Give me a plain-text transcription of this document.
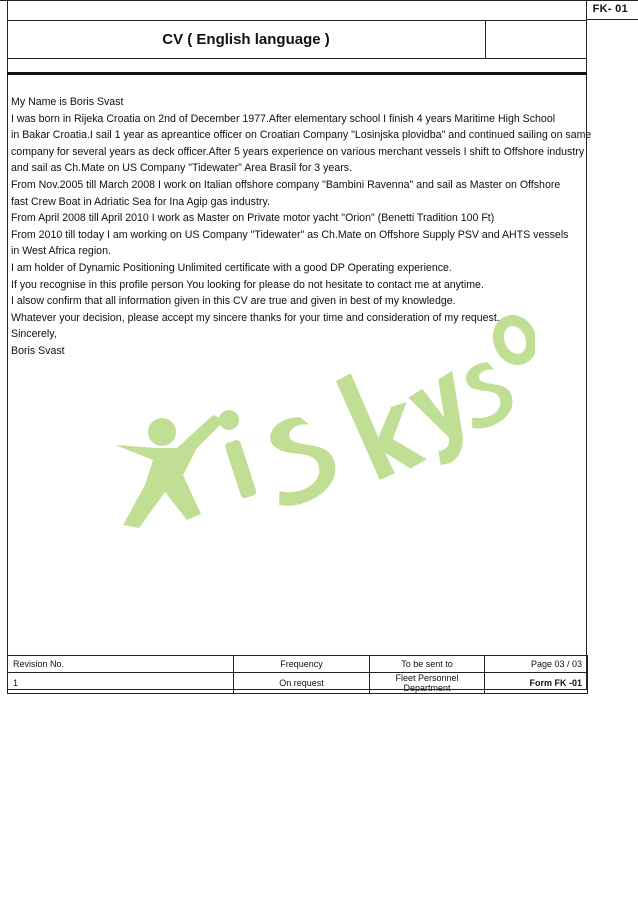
FK- 01
CV ( English language )
My Name is Boris Svast
I was born in Rijeka Croatia on 2nd of December 1977.After elementary school I finish 4 years Maritime High School
in Bakar Croatia.I sail 1 year as apreantice officer on Croatian Company "Losinjska plovidba" and continued sailing on same
company for several years as deck officer.After 5 years experience on various merchant vessels I shift to Offshore industry
and sail as Ch.Mate on US Company "Tidewater" Area Brasil for 3 years.
From Nov.2005 till March 2008 I work on Italian offshore company "Bambini Ravenna" and sail as Master on Offshore
fast Crew Boat in Adriatic Sea for Ina Agip gas industry.
From April 2008 till April 2010 I work as Master on Private motor yacht "Orion" (Benetti Tradition 100 Ft)
From 2010 till today I am working on US Company "Tidewater" as Ch.Mate on Offshore Supply PSV and AHTS vessels
in West Africa region.
I am holder of Dynamic Positioning Unlimited certificate with a good DP Operating experience.
If you recognise in this profile person You looking for please do not hesitate to contact me at anytime.
I alsow confirm that all information given in this CV are true and given in best of my knowledge.
Whatever your decision, please accept my sincere thanks for your time and consideration of my request.
Sincerely,
Boris Svast
Revision No.	Frequency	To be sent to	Page 03 / 03
1	On request	Fleet Personnel Department	Form FK -01
